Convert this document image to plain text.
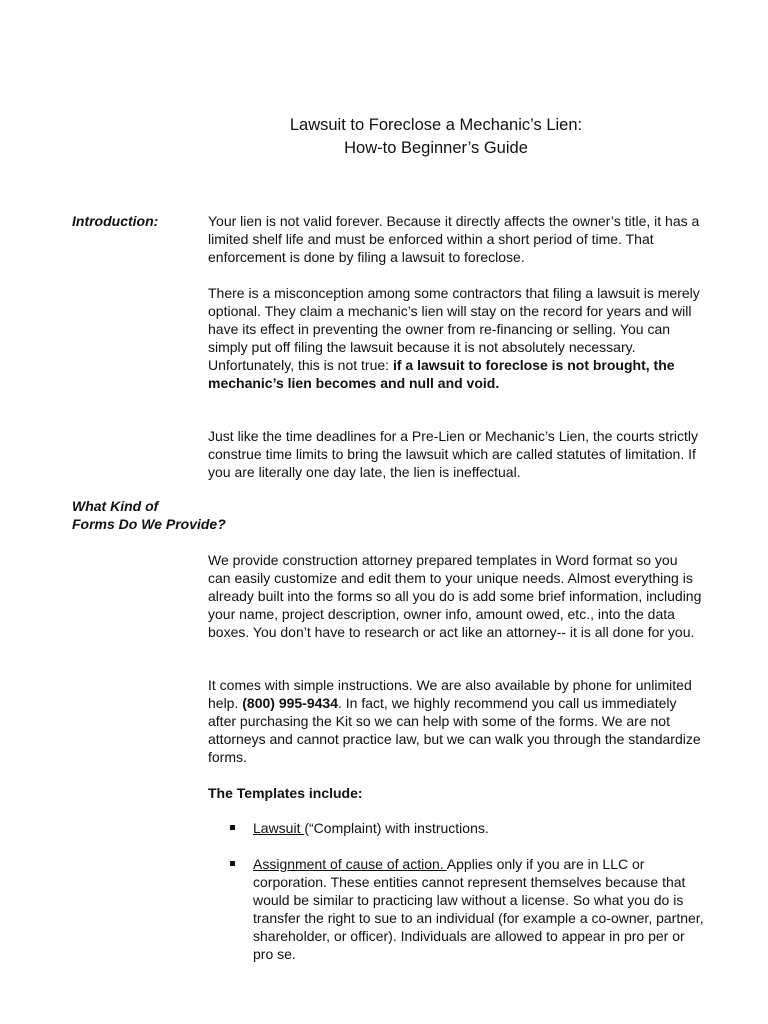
Lawsuit to Foreclose a Mechanic’s Lien:
How-to Beginner’s Guide
Introduction:	Your lien is not valid forever. Because it directly affects the owner’s title, it has a limited shelf life and must be enforced within a short period of time. That enforcement is done by filing a lawsuit to foreclose.

There is a misconception among some contractors that filing a lawsuit is merely optional. They claim a mechanic’s lien will stay on the record for years and will have its effect in preventing the owner from re-financing or selling. You can simply put off filing the lawsuit because it is not absolutely necessary. Unfortunately, this is not true: if a lawsuit to foreclose is not brought, the mechanic’s lien becomes and null and void.

Just like the time deadlines for a Pre-Lien or Mechanic’s Lien, the courts strictly construe time limits to bring the lawsuit which are called statutes of limitation. If you are literally one day late, the lien is ineffectual.

What Kind of
Forms Do We Provide?

We provide construction attorney prepared templates in Word format so you can easily customize and edit them to your unique needs. Almost everything is already built into the forms so all you do is add some brief information, including your name, project description, owner info, amount owed, etc., into the data boxes. You don’t have to research or act like an attorney-- it is all done for you.

It comes with simple instructions. We are also available by phone for unlimited help. (800) 995-9434. In fact, we highly recommend you call us immediately after purchasing the Kit so we can help with some of the forms. We are not attorneys and cannot practice law, but we can walk you through the standardize forms.

The Templates include:

Lawsuit (“Complaint) with instructions.
Assignment of cause of action. Applies only if you are in LLC or corporation. These entities cannot represent themselves because that would be similar to practicing law without a license. So what you do is transfer the right to sue to an individual (for example a co-owner, partner, shareholder, or officer). Individuals are allowed to appear in pro per or pro se.
